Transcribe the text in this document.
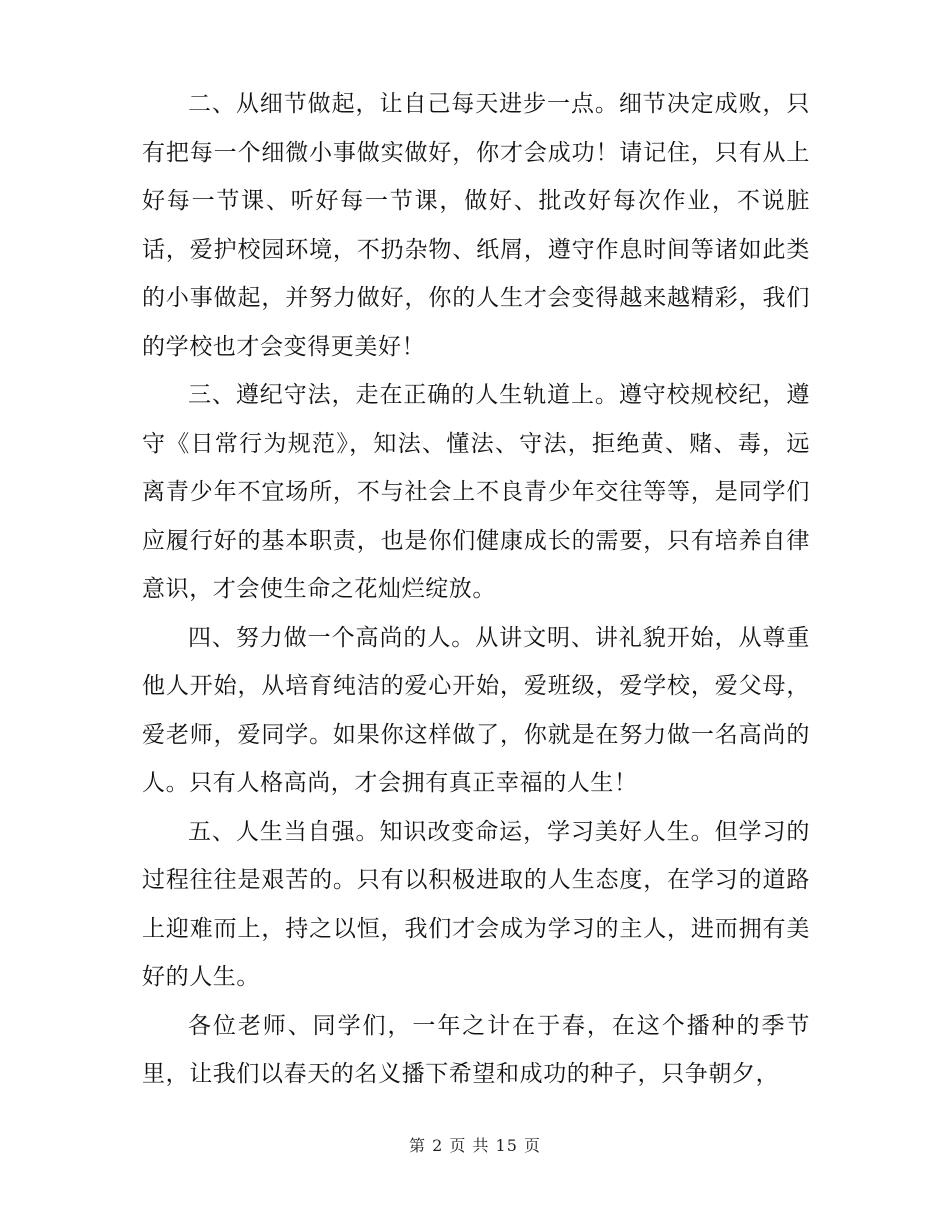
二、从细节做起，让自己每天进步一点。细节决定成败，只有把每一个细微小事做实做好，你才会成功！请记住，只有从上好每一节课、听好每一节课，做好、批改好每次作业，不说脏话，爱护校园环境，不扔杂物、纸屑，遵守作息时间等诸如此类的小事做起，并努力做好，你的人生才会变得越来越精彩，我们的学校也才会变得更美好！

三、遵纪守法，走在正确的人生轨道上。遵守校规校纪，遵守《日常行为规范》，知法、懂法、守法，拒绝黄、赌、毒，远离青少年不宜场所，不与社会上不良青少年交往等等，是同学们应履行好的基本职责，也是你们健康成长的需要，只有培养自律意识，才会使生命之花灿烂绽放。

四、努力做一个高尚的人。从讲文明、讲礼貌开始，从尊重他人开始，从培育纯洁的爱心开始，爱班级，爱学校，爱父母，爱老师，爱同学。如果你这样做了，你就是在努力做一名高尚的人。只有人格高尚，才会拥有真正幸福的人生！

五、人生当自强。知识改变命运，学习美好人生。但学习的过程往往是艰苦的。只有以积极进取的人生态度，在学习的道路上迎难而上，持之以恒，我们才会成为学习的主人，进而拥有美好的人生。

各位老师、同学们，一年之计在于春，在这个播种的季节里，让我们以春天的名义播下希望和成功的种子，只争朝夕，

第 2 页 共 15 页
